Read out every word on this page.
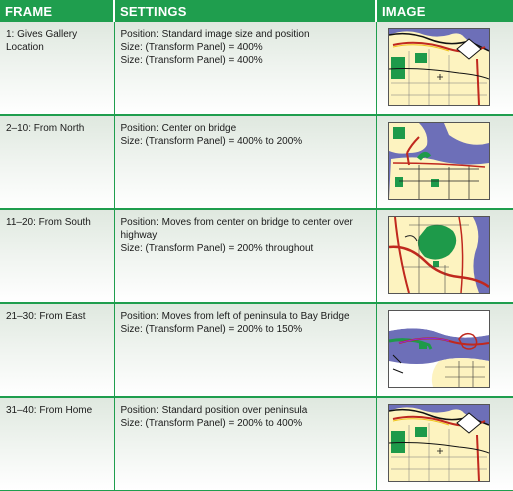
FRAME	SETTINGS	IMAGE
1: Gives Gallery Location	Position: Standard image size and position
Size: (Transform Panel) = 400%
Size: (Transform Panel) = 400%

2–10: From North	Position: Center on bridge
Size: (Transform Panel) = 400% to 200%

11–20: From South	Position: Moves from center on bridge to center over highway
Size: (Transform Panel) = 200% throughout

21–30: From East	Position: Moves from left of peninsula to Bay Bridge
Size: (Transform Panel) = 200% to 150%

31–40: From Home	Position: Standard position over peninsula
Size: (Transform Panel) = 200% to 400%
